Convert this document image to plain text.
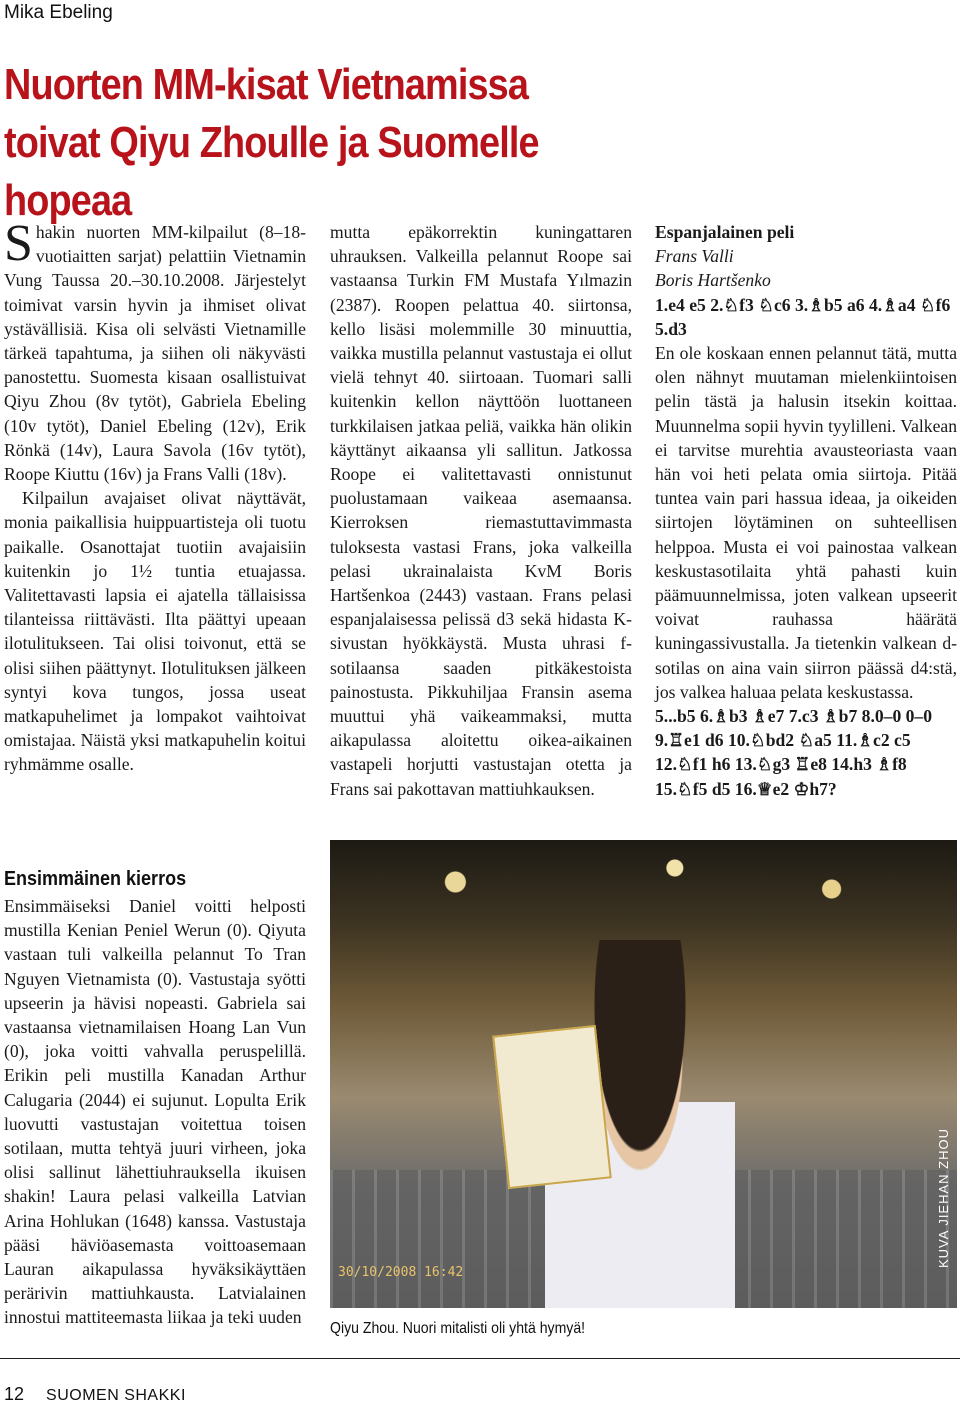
Mika Ebeling
Nuorten MM-kisat Vietnamissa
toivat Qiyu Zhoulle ja Suomelle hopeaa

Shakin nuorten MM-kilpailut (8–18-vuotiaitten sarjat) pelattiin Vietnamin Vung Taussa 20.–30.10.2008. Järjestelyt toimivat varsin hyvin ja ihmiset olivat ystävällisiä. Kisa oli selvästi Vietnamille tärkeä tapahtuma, ja siihen oli näkyvästi panostettu. Suomesta kisaan osallistuivat Qiyu Zhou (8v tytöt), Gabriela Ebeling (10v tytöt), Daniel Ebeling (12v), Erik Rönkä (14v), Laura Savola (16v tytöt), Roope Kiuttu (16v) ja Frans Valli (18v).

Kilpailun avajaiset olivat näyttävät, monia paikallisia huippuartisteja oli tuotu paikalle. Osanottajat tuotiin avajaisiin kuitenkin jo 1½ tuntia etuajassa. Valitettavasti lapsia ei ajatella tällaisissa tilanteissa riittävästi. Ilta päättyi upeaan ilotulitukseen. Tai olisi toivonut, että se olisi siihen päättynyt. Ilotulituksen jälkeen syntyi kova tungos, jossa useat matkapuhelimet ja lompakot vaihtoivat omistajaa. Näistä yksi matkapuhelin koitui ryhmämme osalle.

Ensimmäinen kierros

Ensimmäiseksi Daniel voitti helposti mustilla Kenian Peniel Werun (0). Qiyuta vastaan tuli valkeilla pelannut To Tran Nguyen Vietnamista (0). Vastustaja syötti upseerin ja hävisi nopeasti. Gabriela sai vastaansa vietnamilaisen Hoang Lan Vun (0), joka voitti vahvalla peruspelillä. Erikin peli mustilla Kanadan Arthur Calugaria (2044) ei sujunut. Lopulta Erik luovutti vastustajan voitettua toisen sotilaan, mutta tehtyä juuri virheen, joka olisi sallinut lähettiuhrauksella ikuisen shakin! Laura pelasi valkeilla Latvian Arina Hohlukan (1648) kanssa. Vastustaja pääsi häviöasemasta voittoasemaan Lauran aikapulassa hyväksikäyttäen perärivin mattiuhkausta. Latvialainen innostui mattiteemasta liikaa ja teki uuden

mutta epäkorrektin kuningattaren uhrauksen. Valkeilla pelannut Roope sai vastaansa Turkin FM Mustafa Yılmazin (2387). Roopen pelattua 40. siirtonsa, kello lisäsi molemmille 30 minuuttia, vaikka mustilla pelannut vastustaja ei ollut vielä tehnyt 40. siirtoaan. Tuomari salli kuitenkin kellon näyttöön luottaneen turkkilaisen jatkaa peliä, vaikka hän olikin käyttänyt aikaansa yli sallitun. Jatkossa Roope ei valitettavasti onnistunut puolustamaan vaikeaa asemaansa. Kierroksen riemastuttavimmasta tuloksesta vastasi Frans, joka valkeilla pelasi ukrainalaista KvM Boris Hartšenkoa (2443) vastaan. Frans pelasi espanjalaisessa pelissä d3 sekä hidasta K-sivustan hyökkäystä. Musta uhrasi f-sotilaansa saaden pitkäkestoista painostusta. Pikkuhiljaa Fransin asema muuttui yhä vaikeammaksi, mutta aikapulassa aloitettu oikea-aikainen vastapeli horjutti vastustajan otetta ja Frans sai pakottavan mattiuhkauksen.

Espanjalainen peli
Frans Valli
Boris Hartšenko
1.e4 e5 2.♘f3 ♘c6 3.♗b5 a6 4.♗a4 ♘f6 5.d3

En ole koskaan ennen pelannut tätä, mutta olen nähnyt muutaman mielenkiintoisen pelin tästä ja halusin itsekin koittaa. Muunnelma sopii hyvin tyylilleni. Valkean ei tarvitse murehtia avausteoriasta vaan hän voi heti pelata omia siirtoja. Pitää tuntea vain pari hassua ideaa, ja oikeiden siirtojen löytäminen on suhteellisen helppoa. Musta ei voi painostaa valkean keskustasotilaita yhtä pahasti kuin päämuunnelmissa, joten valkean upseerit voivat rauhassa häärätä kuningassivustalla. Ja tietenkin valkean d-sotilas on aina vain siirron päässä d4:stä, jos valkea haluaa pelata keskustassa.

5...b5 6.♗b3 ♗e7 7.c3 ♗b7 8.0–0 0–0 9.♖e1 d6 10.♘bd2 ♘a5 11.♗c2 c5 12.♘f1 h6 13.♘g3 ♖e8 14.h3 ♗f8 15.♘f5 d5 16.♕e2 ♔h7?
30/10/2008 16:42
KUVA JIEHAN ZHOU
Qiyu Zhou. Nuori mitalisti oli yhtä hymyä!
12 SUOMEN SHAKKI
